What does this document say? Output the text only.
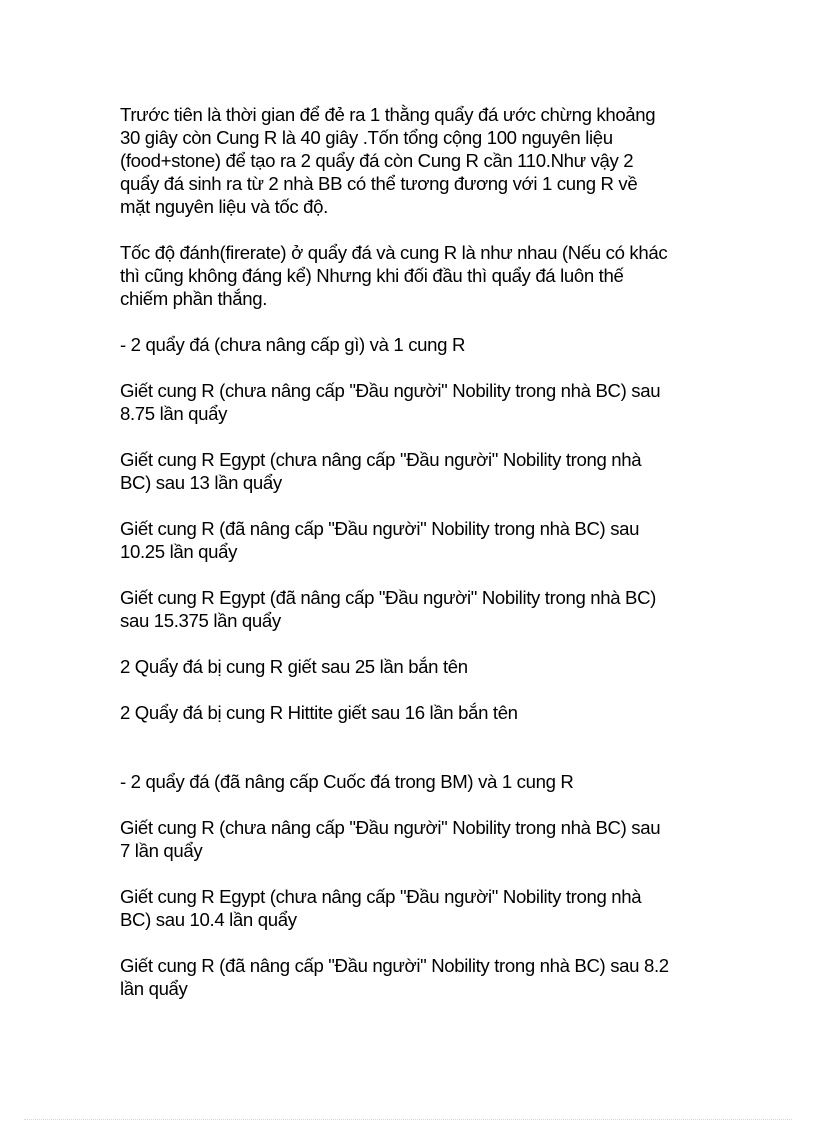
Trước tiên là thời gian để đẻ ra 1 thằng quẩy đá ước chừng khoảng
30 giây còn Cung R là 40 giây .Tốn tổng cộng 100 nguyên liệu
(food+stone) để tạo ra 2 quẩy đá còn Cung R cần 110.Như vậy 2
quẩy đá sinh ra từ 2 nhà BB có thể tương đương với 1 cung R về
mặt nguyên liệu và tốc độ.

Tốc độ đánh(firerate) ở quẩy đá và cung R là như nhau (Nếu có khác
thì cũng không đáng kể) Nhưng khi đối đầu thì quẩy đá luôn thế
chiếm phần thắng.

- 2 quẩy đá (chưa nâng cấp gì) và 1 cung R

Giết cung R (chưa nâng cấp "Đầu người" Nobility trong nhà BC) sau
8.75 lần quẩy

Giết cung R Egypt (chưa nâng cấp "Đầu người" Nobility trong nhà
BC) sau 13 lần quẩy

Giết cung R (đã nâng cấp "Đầu người" Nobility trong nhà BC) sau
10.25 lần quẩy

Giết cung R Egypt (đã nâng cấp "Đầu người" Nobility trong nhà BC)
sau 15.375 lần quẩy

2 Quẩy đá bị cung R giết sau 25 lần bắn tên

2 Quẩy đá bị cung R Hittite giết sau 16 lần bắn tên

- 2 quẩy đá (đã nâng cấp Cuốc đá trong BM) và 1 cung R

Giết cung R (chưa nâng cấp "Đầu người" Nobility trong nhà BC) sau
7 lần quẩy

Giết cung R Egypt (chưa nâng cấp "Đầu người" Nobility trong nhà
BC) sau 10.4 lần quẩy

Giết cung R (đã nâng cấp "Đầu người" Nobility trong nhà BC) sau 8.2
lần quẩy
